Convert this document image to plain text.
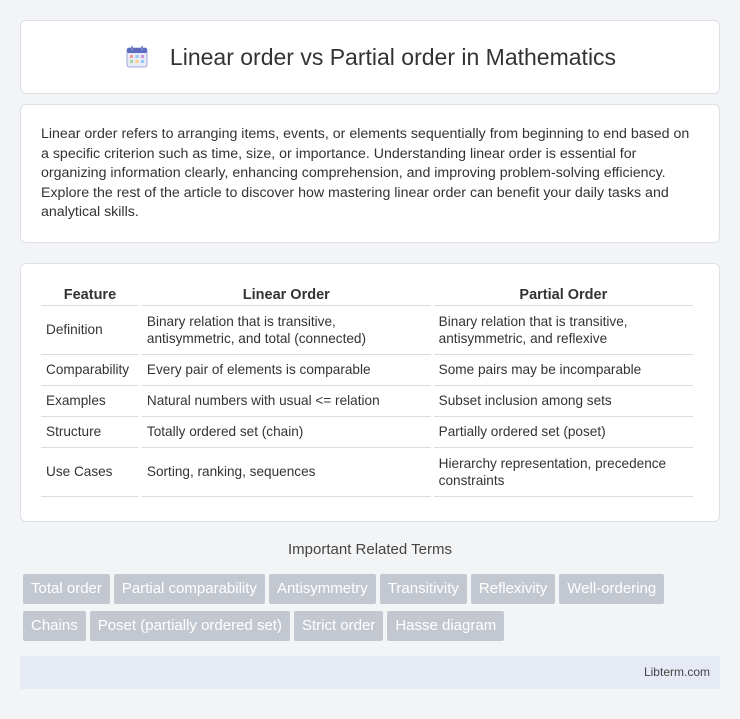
Linear order vs Partial order in Mathematics

Linear order refers to arranging items, events, or elements sequentially from beginning to end based on a specific criterion such as time, size, or importance. Understanding linear order is essential for organizing information clearly, enhancing comprehension, and improving problem-solving efficiency. Explore the rest of the article to discover how mastering linear order can benefit your daily tasks and analytical skills.

Feature	Linear Order	Partial Order
Definition	Binary relation that is transitive, antisymmetric, and total (connected)	Binary relation that is transitive, antisymmetric, and reflexive
Comparability	Every pair of elements is comparable	Some pairs may be incomparable
Examples	Natural numbers with usual <= relation	Subset inclusion among sets
Structure	Totally ordered set (chain)	Partially ordered set (poset)
Use Cases	Sorting, ranking, sequences	Hierarchy representation, precedence constraints
Important Related Terms
Total order	Partial comparability	Antisymmetry	Transitivity	Reflexivity	Well-ordering
Chains	Poset (partially ordered set)	Strict order	Hasse diagram
Libterm.com
